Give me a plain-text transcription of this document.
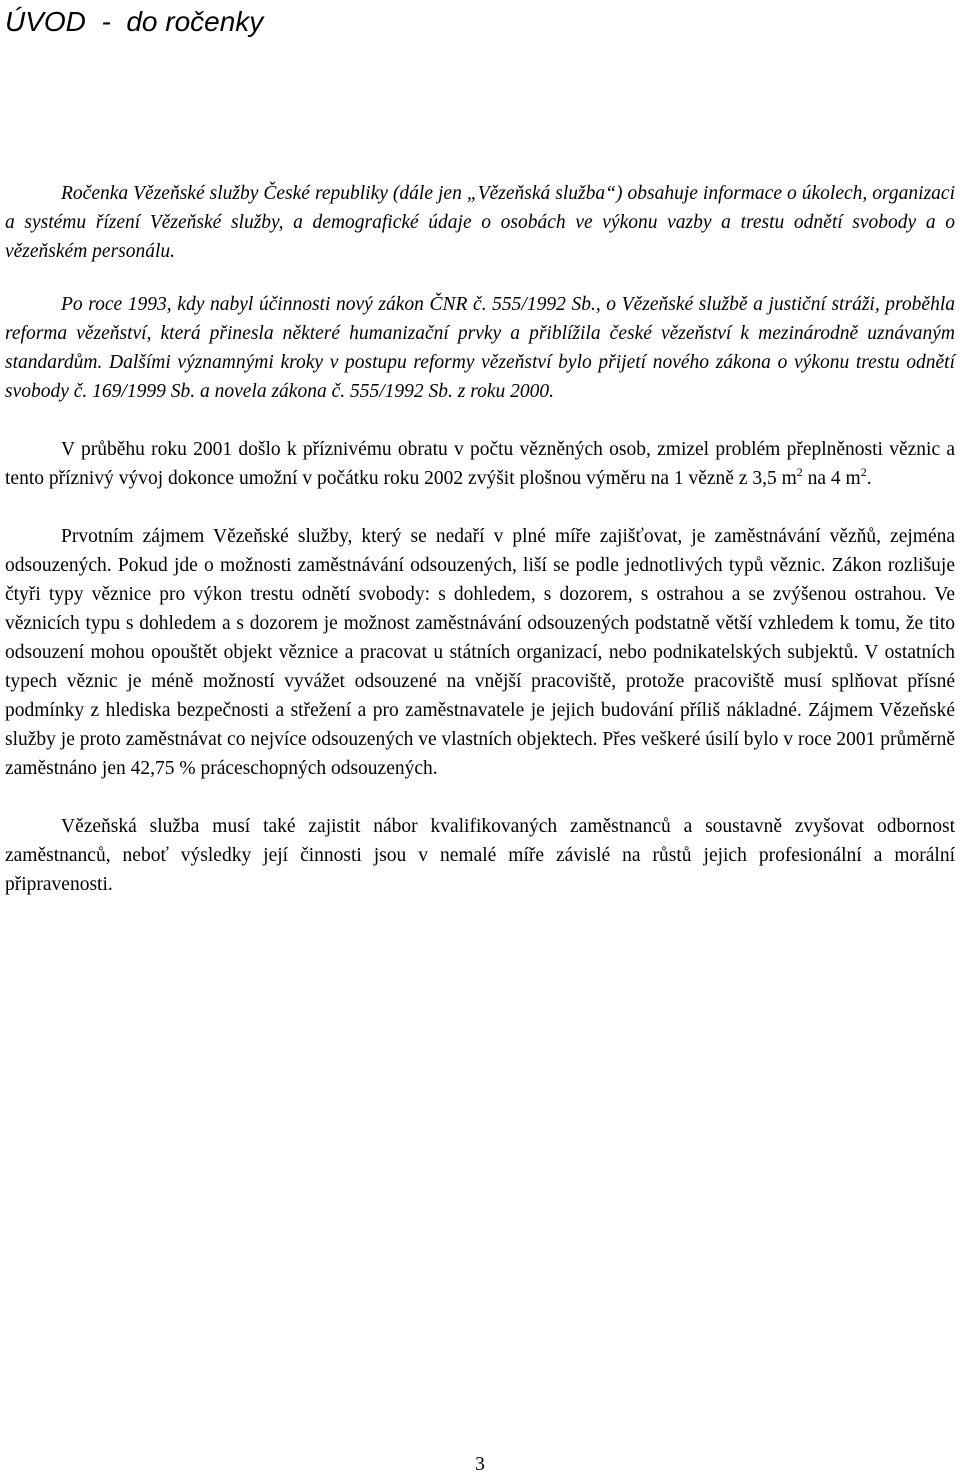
ÚVOD  -  do ročenky

Ročenka Vězeňské služby České republiky (dále jen „Vězeňská služba“) obsahuje informace o úkolech, organizaci a systému řízení Vězeňské služby, a demografické údaje o osobách ve výkonu vazby a trestu odnětí svobody a o vězeňském personálu.

Po roce 1993, kdy nabyl účinnosti nový zákon ČNR č. 555/1992 Sb., o Vězeňské službě a justiční stráži, proběhla reforma vězeňství, která přinesla některé humanizační prvky a přiblížila české vězeňství k mezinárodně uznávaným standardům. Dalšími významnými kroky v postupu reformy vězeňství bylo přijetí nového zákona o výkonu trestu odnětí svobody č. 169/1999 Sb. a novela zákona č. 555/1992 Sb. z roku 2000.

V průběhu roku 2001 došlo k příznivému obratu v počtu vězněných osob, zmizel problém přeplněnosti věznic a tento příznivý vývoj dokonce umožní v počátku roku 2002 zvýšit plošnou výměru na 1 vězně z 3,5 $m^2$ na 4 $m^2$.

Prvotním zájmem Vězeňské služby, který se nedaří v plné míře zajišťovat, je zaměstnávání vězňů, zejména odsouzených. Pokud jde o možnosti zaměstnávání odsouzených, liší se podle jednotlivých typů věznic. Zákon rozlišuje čtyři typy věznice pro výkon trestu odnětí svobody: s dohledem, s dozorem, s ostrahou a se zvýšenou ostrahou. Ve věznicích typu s dohledem a s dozorem je možnost zaměstnávání odsouzených podstatně větší vzhledem k tomu, že tito odsouzení mohou opouštět objekt věznice a pracovat u státních organizací, nebo podnikatelských subjektů. V ostatních typech věznic je méně možností vyvážet odsouzené na vnější pracoviště, protože pracoviště musí splňovat přísné podmínky z hlediska bezpečnosti a střežení a pro zaměstnavatele je jejich budování příliš nákladné. Zájmem Vězeňské služby je proto zaměstnávat co nejvíce odsouzených ve vlastních objektech. Přes veškeré úsilí bylo v roce 2001 průměrně zaměstnáno jen 42,75 % práceschopných odsouzených.

Vězeňská služba musí také zajistit nábor kvalifikovaných zaměstnanců a soustavně zvyšovat odbornost zaměstnanců, neboť výsledky její činnosti jsou v nemalé míře závislé na růstů jejich profesionální a morální připravenosti.

3
